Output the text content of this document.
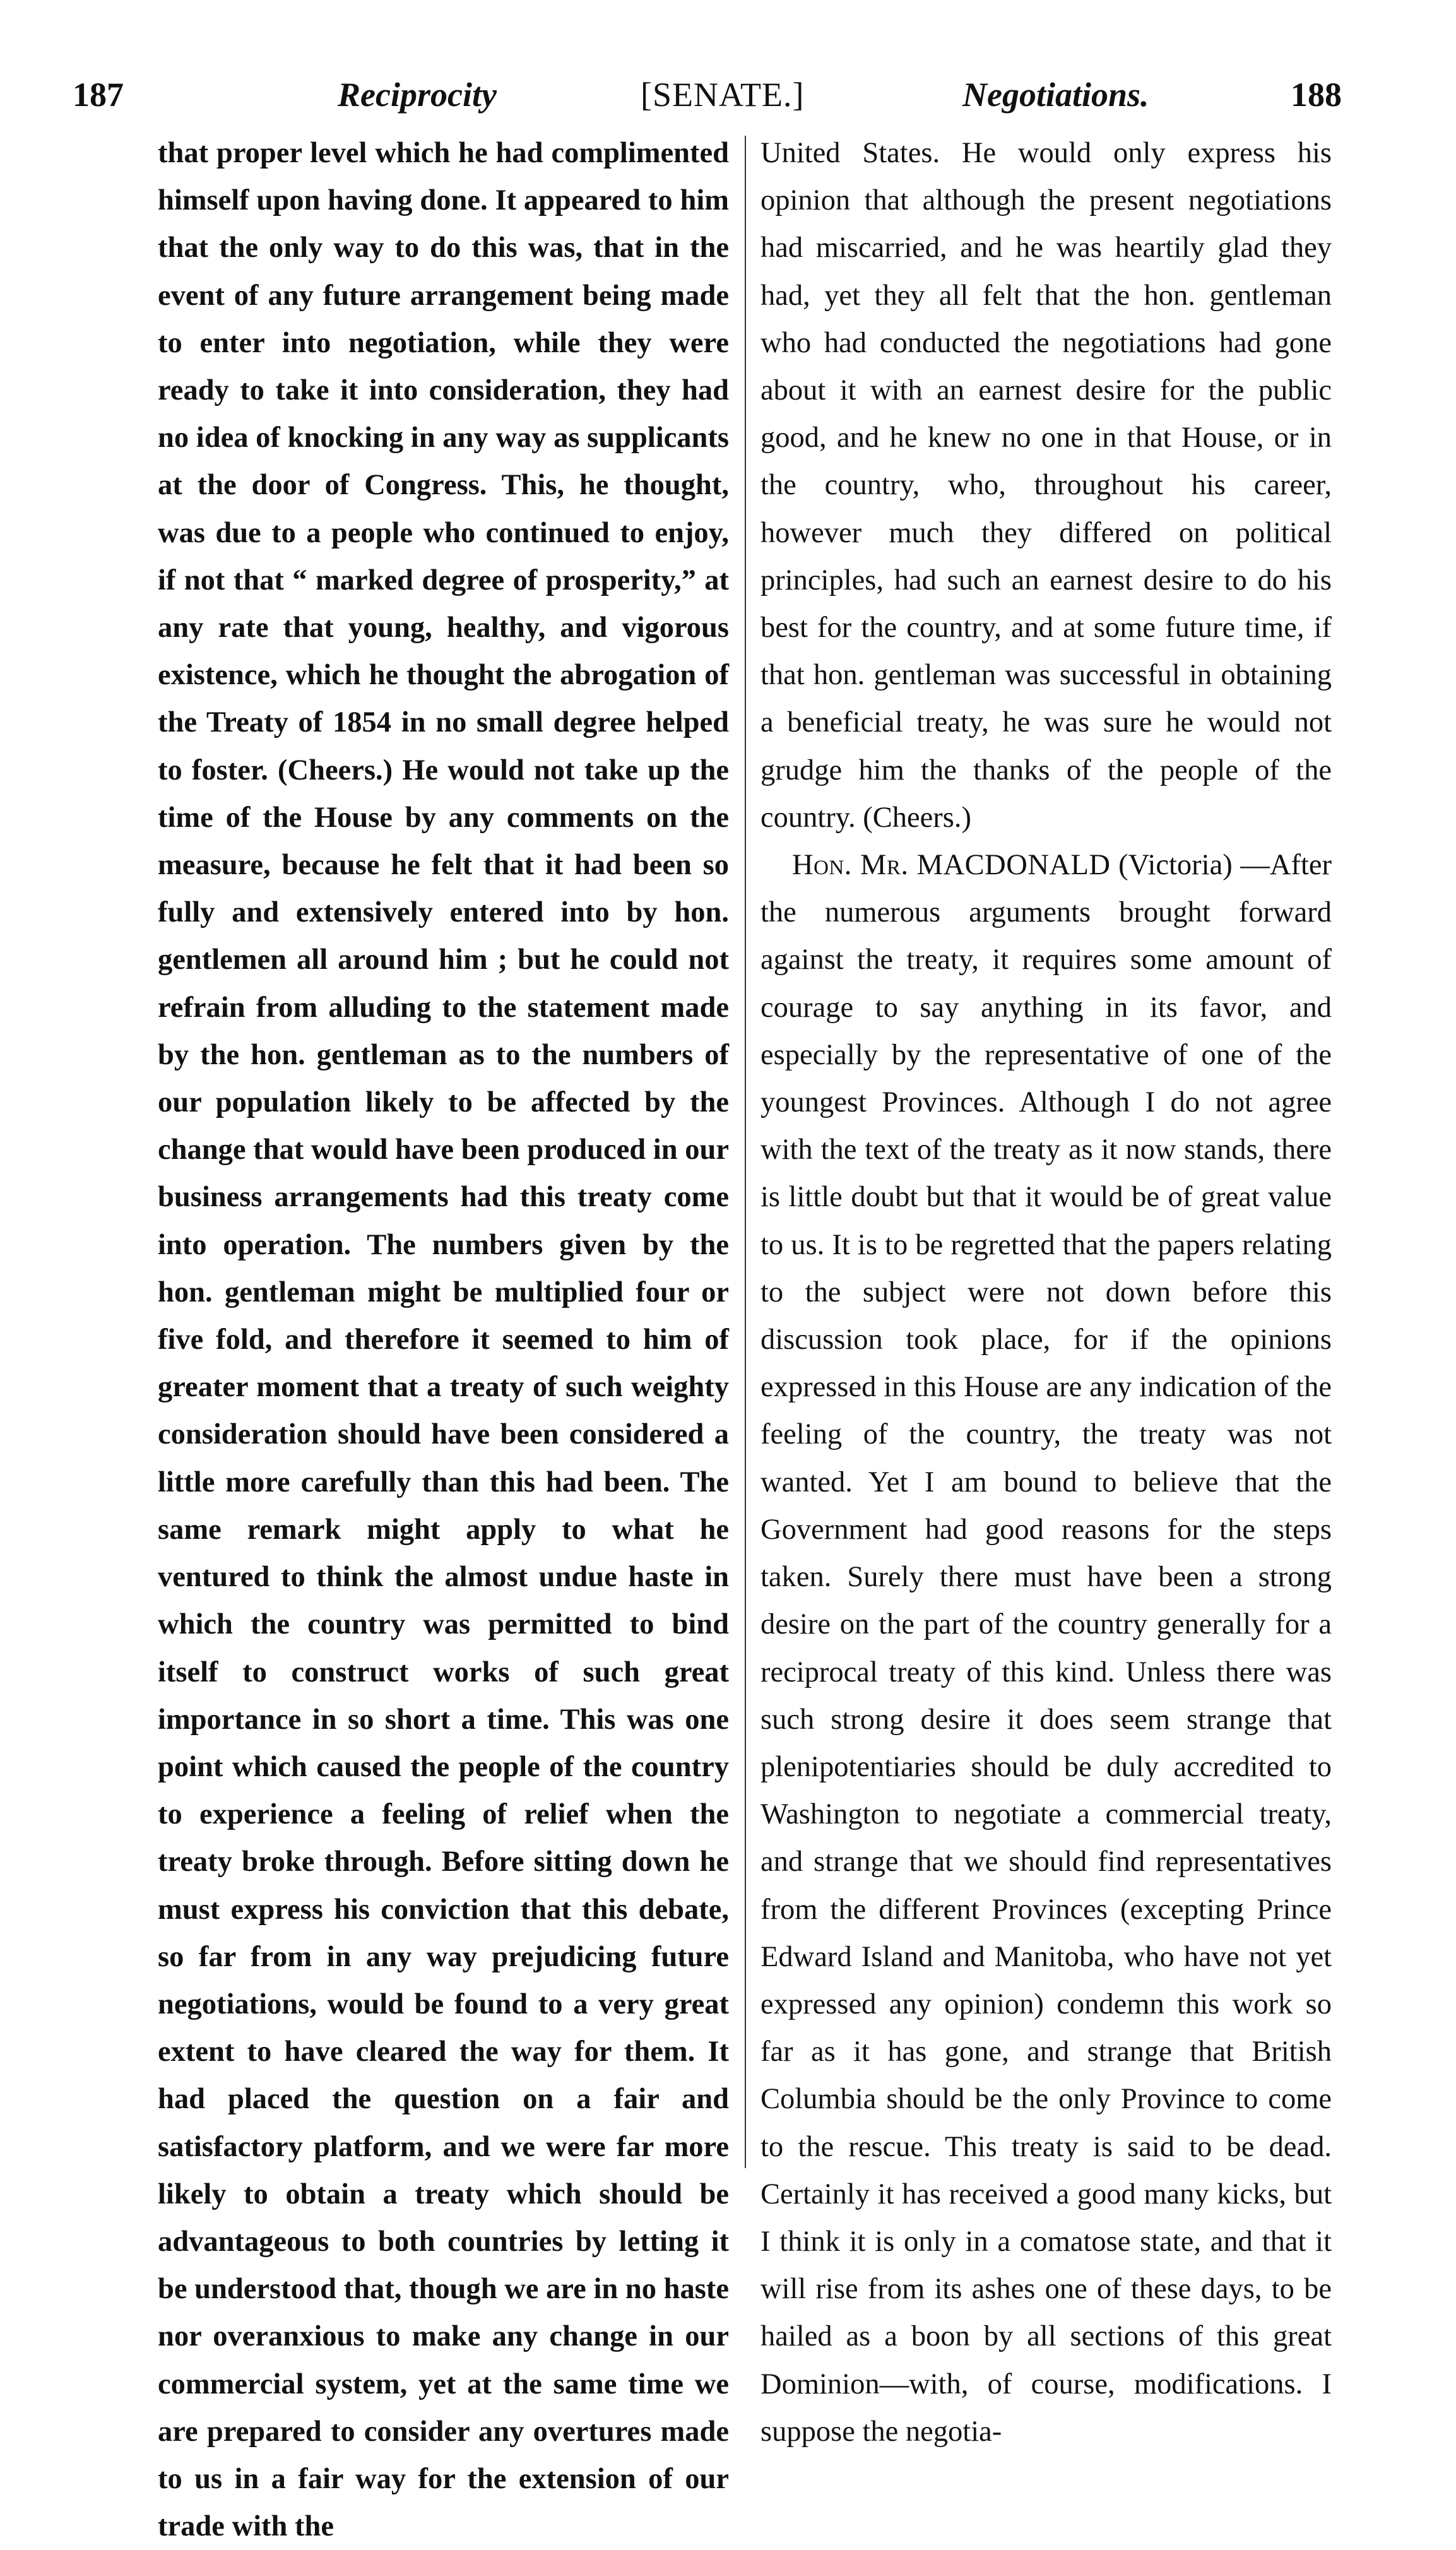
187	Reciprocity	[SENATE.]	Negotiations.	188

that proper level which he had complimented himself upon having done. It appeared to him that the only way to do this was, that in the event of any future arrangement being made to enter into negotiation, while they were ready to take it into consideration, they had no idea of knocking in any way as supplicants at the door of Congress. This, he thought, was due to a people who continued to enjoy, if not that “ marked degree of prosperity,” at any rate that young, healthy, and vigorous existence, which he thought the abrogation of the Treaty of 1854 in no small degree helped to foster. (Cheers.) He would not take up the time of the House by any comments on the measure, because he felt that it had been so fully and extensively entered into by hon. gentlemen all around him ; but he could not refrain from alluding to the statement made by the hon. gentleman as to the numbers of our population likely to be affected by the change that would have been produced in our business arrangements had this treaty come into operation. The numbers given by the hon. gentleman might be multiplied four or five fold, and therefore it seemed to him of greater moment that a treaty of such weighty consideration should have been considered a little more carefully than this had been. The same remark might apply to what he ventured to think the almost undue haste in which the country was permitted to bind itself to construct works of such great importance in so short a time. This was one point which caused the people of the country to experience a feeling of relief when the treaty broke through. Before sitting down he must express his conviction that this debate, so far from in any way prejudicing future negotiations, would be found to a very great extent to have cleared the way for them. It had placed the question on a fair and satisfactory platform, and we were far more likely to obtain a treaty which should be advantageous to both countries by letting it be understood that, though we are in no haste nor overanxious to make any change in our commercial system, yet at the same time we are prepared to consider any overtures made to us in a fair way for the extension of our trade with the

United States. He would only express his opinion that although the present negotiations had miscarried, and he was heartily glad they had, yet they all felt that the hon. gentleman who had conducted the negotiations had gone about it with an earnest desire for the public good, and he knew no one in that House, or in the country, who, throughout his career, however much they differed on political principles, had such an earnest desire to do his best for the country, and at some future time, if that hon. gentleman was successful in obtaining a beneficial treaty, he was sure he would not grudge him the thanks of the people of the country. (Cheers.)

Hon. Mr. MACDONALD (Victoria) —After the numerous arguments brought forward against the treaty, it requires some amount of courage to say anything in its favor, and especially by the representative of one of the youngest Provinces. Although I do not agree with the text of the treaty as it now stands, there is little doubt but that it would be of great value to us. It is to be regretted that the papers relating to the subject were not down before this discussion took place, for if the opinions expressed in this House are any indication of the feeling of the country, the treaty was not wanted. Yet I am bound to believe that the Government had good reasons for the steps taken. Surely there must have been a strong desire on the part of the country generally for a reciprocal treaty of this kind. Unless there was such strong desire it does seem strange that plenipotentiaries should be duly accredited to Washington to negotiate a commercial treaty, and strange that we should find representatives from the different Provinces (excepting Prince Edward Island and Manitoba, who have not yet expressed any opinion) condemn this work so far as it has gone, and strange that British Columbia should be the only Province to come to the rescue. This treaty is said to be dead. Certainly it has received a good many kicks, but I think it is only in a comatose state, and that it will rise from its ashes one of these days, to be hailed as a boon by all sections of this great Dominion—with, of course, modifications. I suppose the negotia-
